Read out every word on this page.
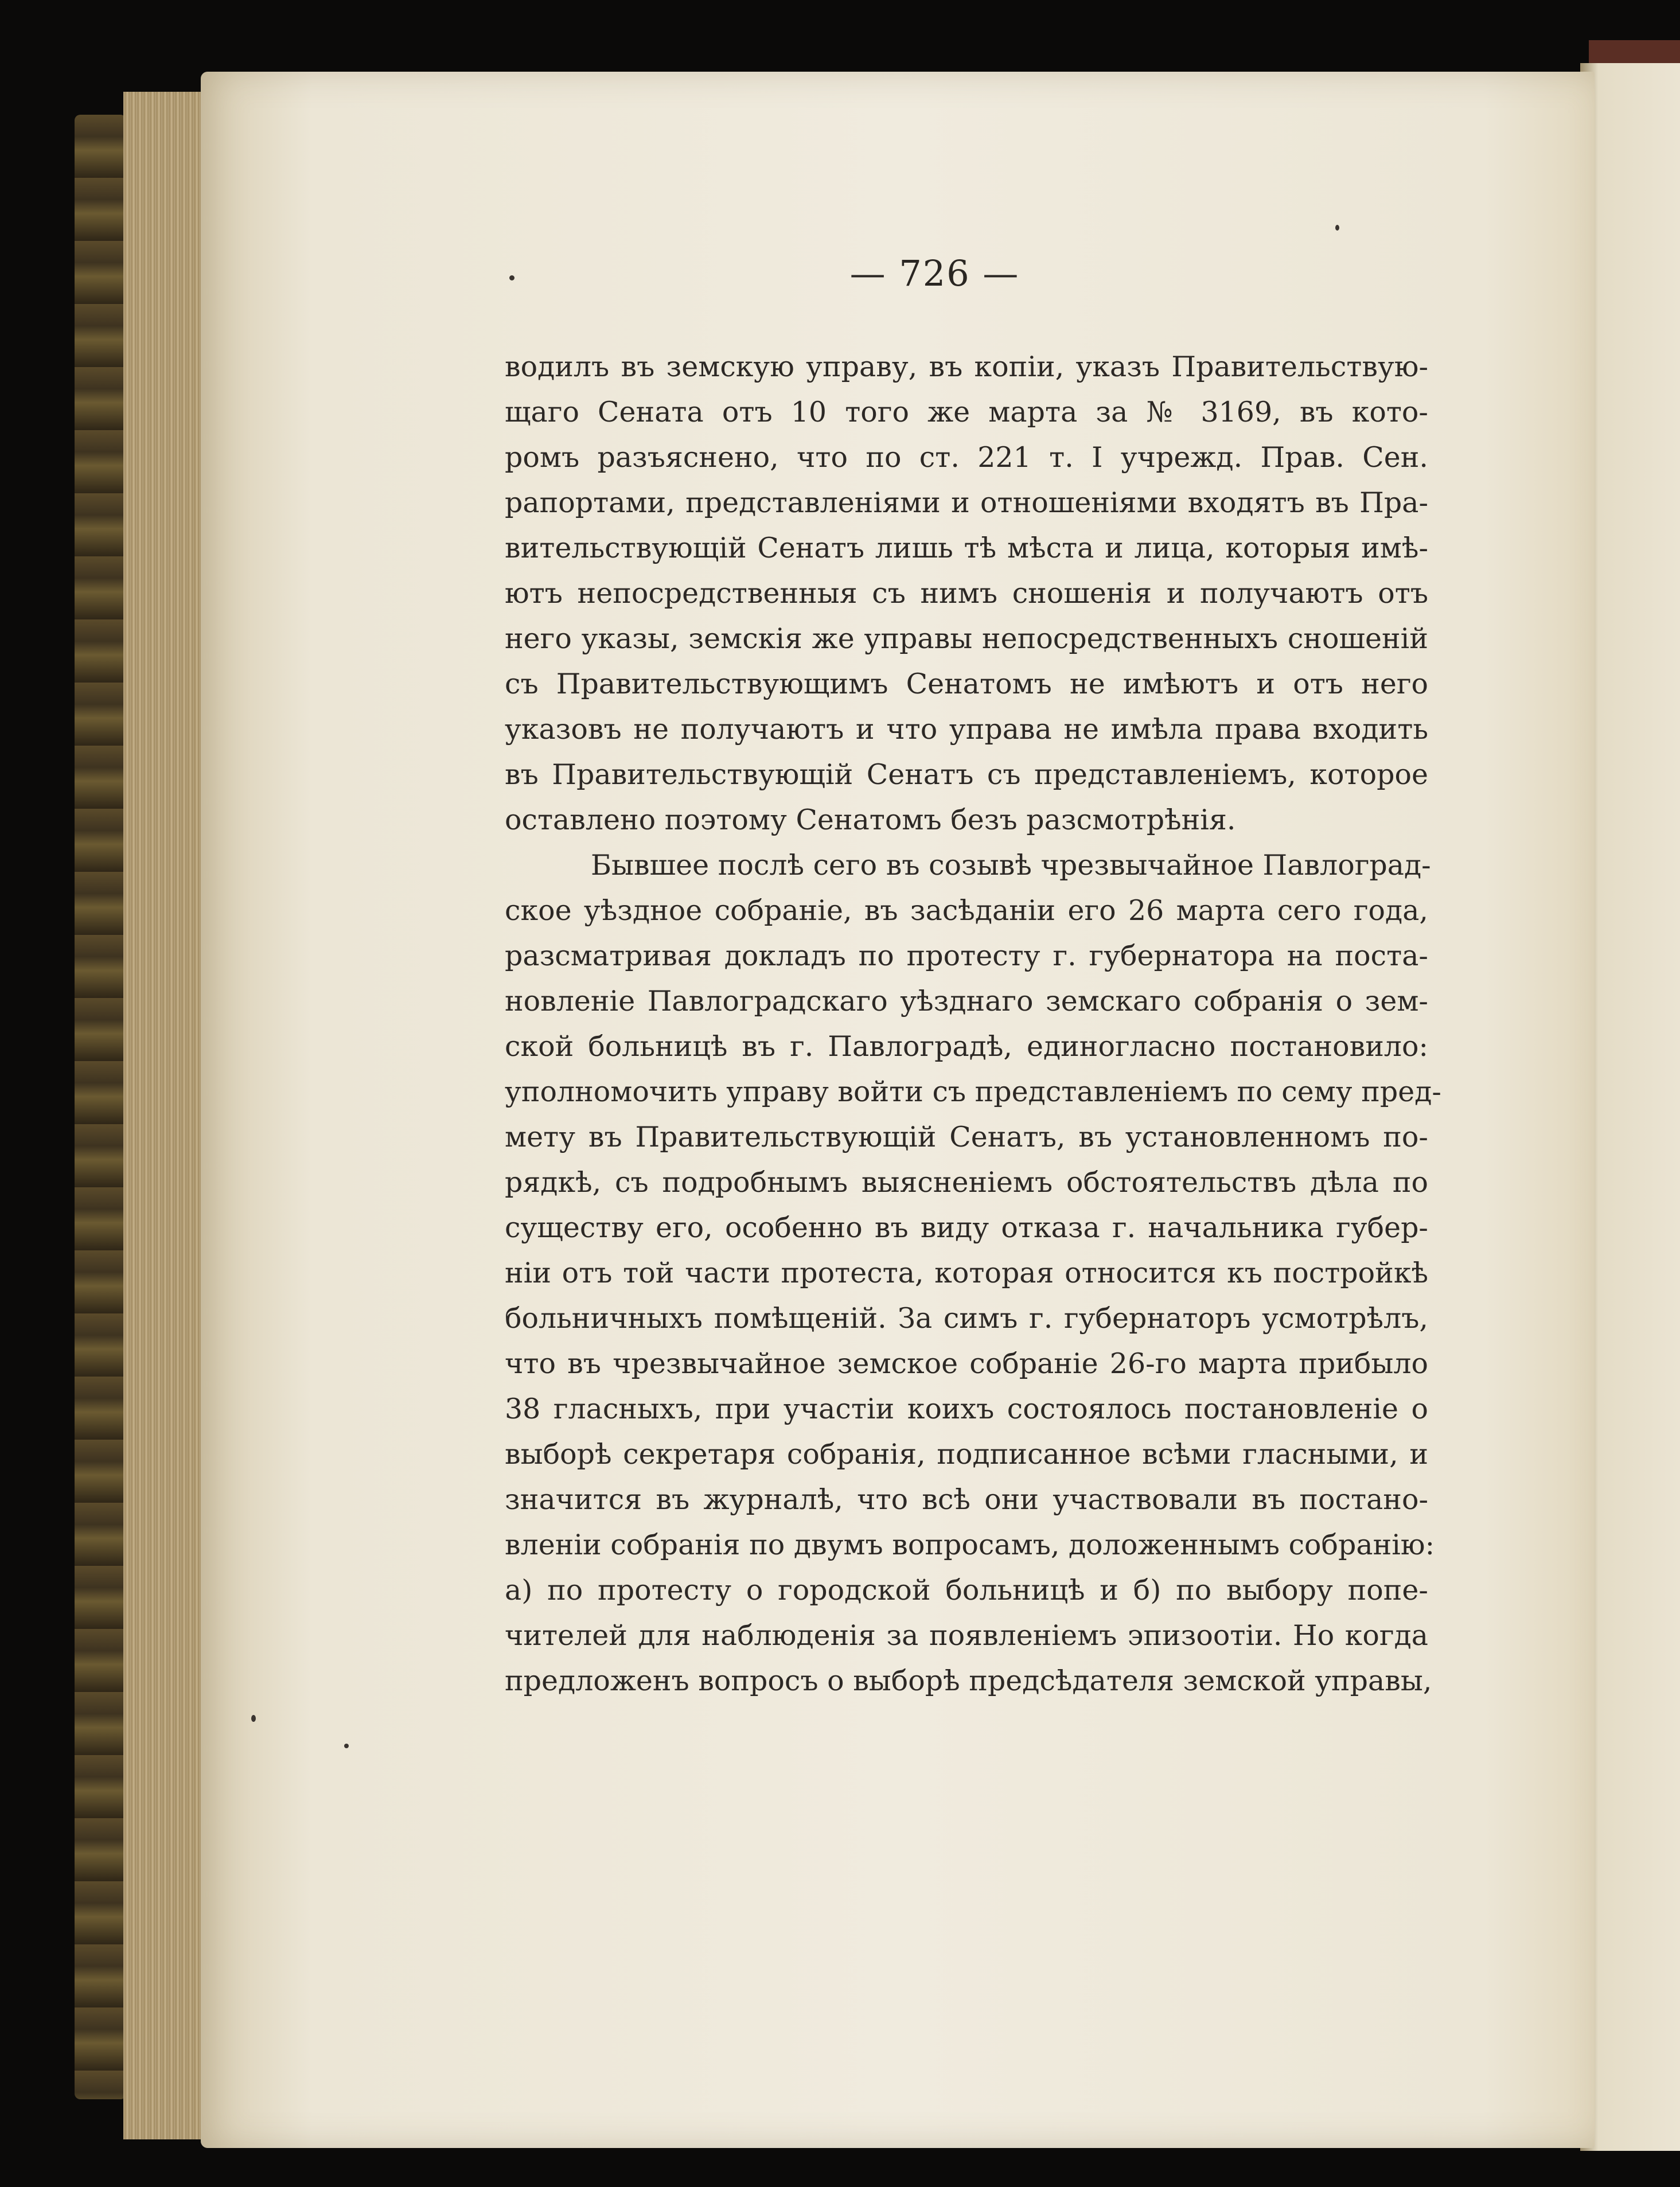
— 726 —
водилъ въ земскую управу, въ копіи, указъ Правительствую-
щаго Сената отъ 10 того же марта за № 3169, въ кото-
ромъ разъяснено, что по ст. 221 т. I учрежд. Прав. Сен.
рапортами, представленіями и отношеніями входятъ въ Пра-
вительствующій Сенатъ лишь тѣ мѣста и лица, которыя имѣ-
ютъ непосредственныя съ нимъ сношенія и получаютъ отъ
него указы, земскія же управы непосредственныхъ сношеній
съ Правительствующимъ Сенатомъ не имѣютъ и отъ него
указовъ не получаютъ и что управа не имѣла права входить
въ Правительствующій Сенатъ съ представленіемъ, которое
оставлено поэтому Сенатомъ безъ разсмотрѣнія.
Бывшее послѣ сего въ созывѣ чрезвычайное Павлоград-
ское уѣздное собраніе, въ засѣданіи его 26 марта сего года,
разсматривая докладъ по протесту г. губернатора на поста-
новленіе Павлоградскаго уѣзднаго земскаго собранія о зем-
ской больницѣ въ г. Павлоградѣ, единогласно постановило:
уполномочить управу войти съ представленіемъ по сему пред-
мету въ Правительствующій Сенатъ, въ установленномъ по-
рядкѣ, съ подробнымъ выясненіемъ обстоятельствъ дѣла по
существу его, особенно въ виду отказа г. начальника губер-
ніи отъ той части протеста, которая относится къ постройкѣ
больничныхъ помѣщеній. За симъ г. губернаторъ усмотрѣлъ,
что въ чрезвычайное земское собраніе 26-го марта прибыло
38 гласныхъ, при участіи коихъ состоялось постановленіе о
выборѣ секретаря собранія, подписанное всѣми гласными, и
значится въ журналѣ, что всѣ они участвовали въ постано-
вленіи собранія по двумъ вопросамъ, доложеннымъ собранію:
а) по протесту о городской больницѣ и б) по выбору попе-
чителей для наблюденія за появленіемъ эпизоотіи. Но когда
предложенъ вопросъ о выборѣ предсѣдателя земской управы,
